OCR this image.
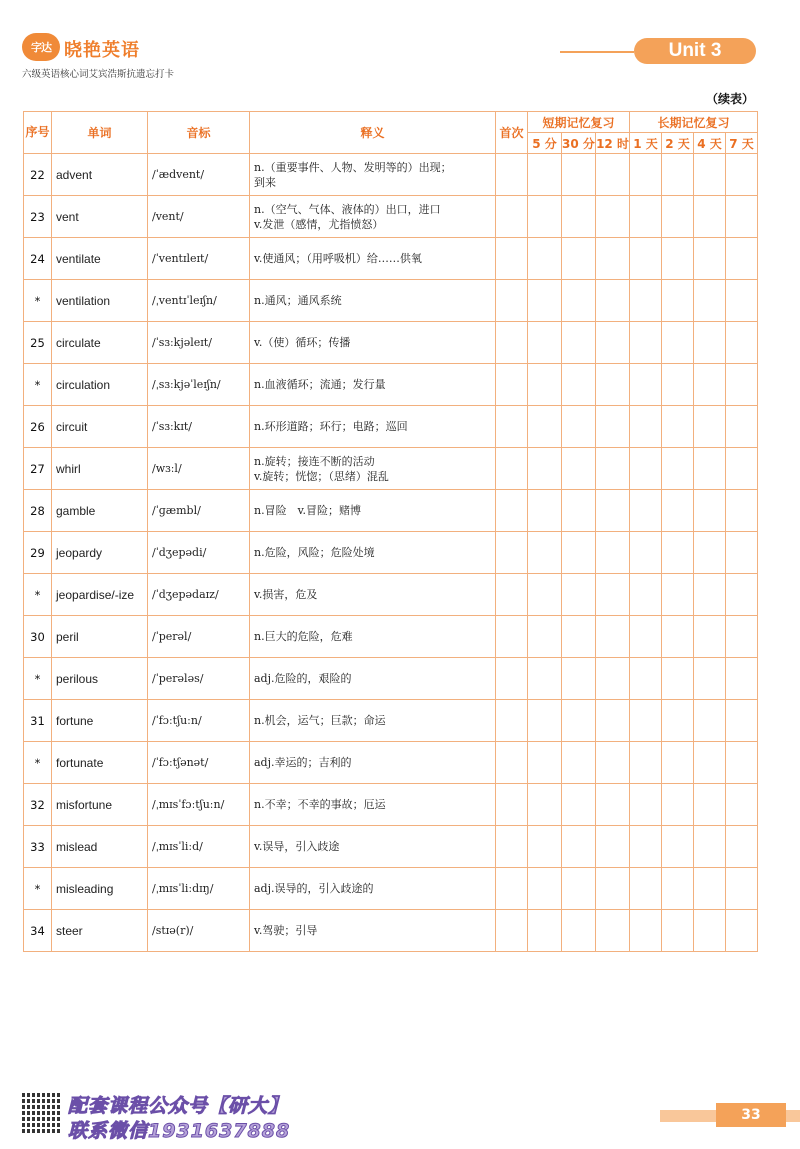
字达 晓艳英语
六级英语核心词艾宾浩斯抗遗忘打卡
Unit 3
（续表）
序号	单词	音标	释义	首次	短期记忆复习			长期记忆复习			
					5 分	30 分	12 时	1 天	2 天	4 天	7 天
22	advent	/ˈædvent/	n.（重要事件、人物、发明等的）出现；
到来								

23	vent	/vent/	n.（空气、气体、液体的）出口，进口
v.发泄（感情，尤指愤怒）								

24	ventilate	/ˈventɪleɪt/	v.使通风；（用呼吸机）给……供氧								

*	ventilation	/ˌventɪˈleɪʃn/	n.通风；通风系统								

25	circulate	/ˈsɜːkjəleɪt/	v.（使）循环；传播								

*	circulation	/ˌsɜːkjəˈleɪʃn/	n.血液循环；流通；发行量								

26	circuit	/ˈsɜːkɪt/	n.环形道路；环行；电路；巡回								

27	whirl	/wɜːl/	n.旋转；接连不断的活动
v.旋转；恍惚；（思绪）混乱								

28	gamble	/ˈɡæmbl/	n.冒险　v.冒险；赌博								

29	jeopardy	/ˈdʒepədi/	n.危险，风险；危险处境								

*	jeopardise/-ize	/ˈdʒepədaɪz/	v.损害，危及								

30	peril	/ˈperəl/	n.巨大的危险，危难								

*	perilous	/ˈperələs/	adj.危险的，艰险的								

31	fortune	/ˈfɔːtʃuːn/	n.机会，运气；巨款；命运								

*	fortunate	/ˈfɔːtʃənət/	adj.幸运的；吉利的								

32	misfortune	/ˌmɪsˈfɔːtʃuːn/	n.不幸；不幸的事故；厄运								

33	mislead	/ˌmɪsˈliːd/	v.误导，引入歧途								

*	misleading	/ˌmɪsˈliːdɪŋ/	adj.误导的，引入歧途的								

34	steer	/stɪə(r)/	v.驾驶；引导								

配套课程公众号【研大】
联系微信1931637888
33
